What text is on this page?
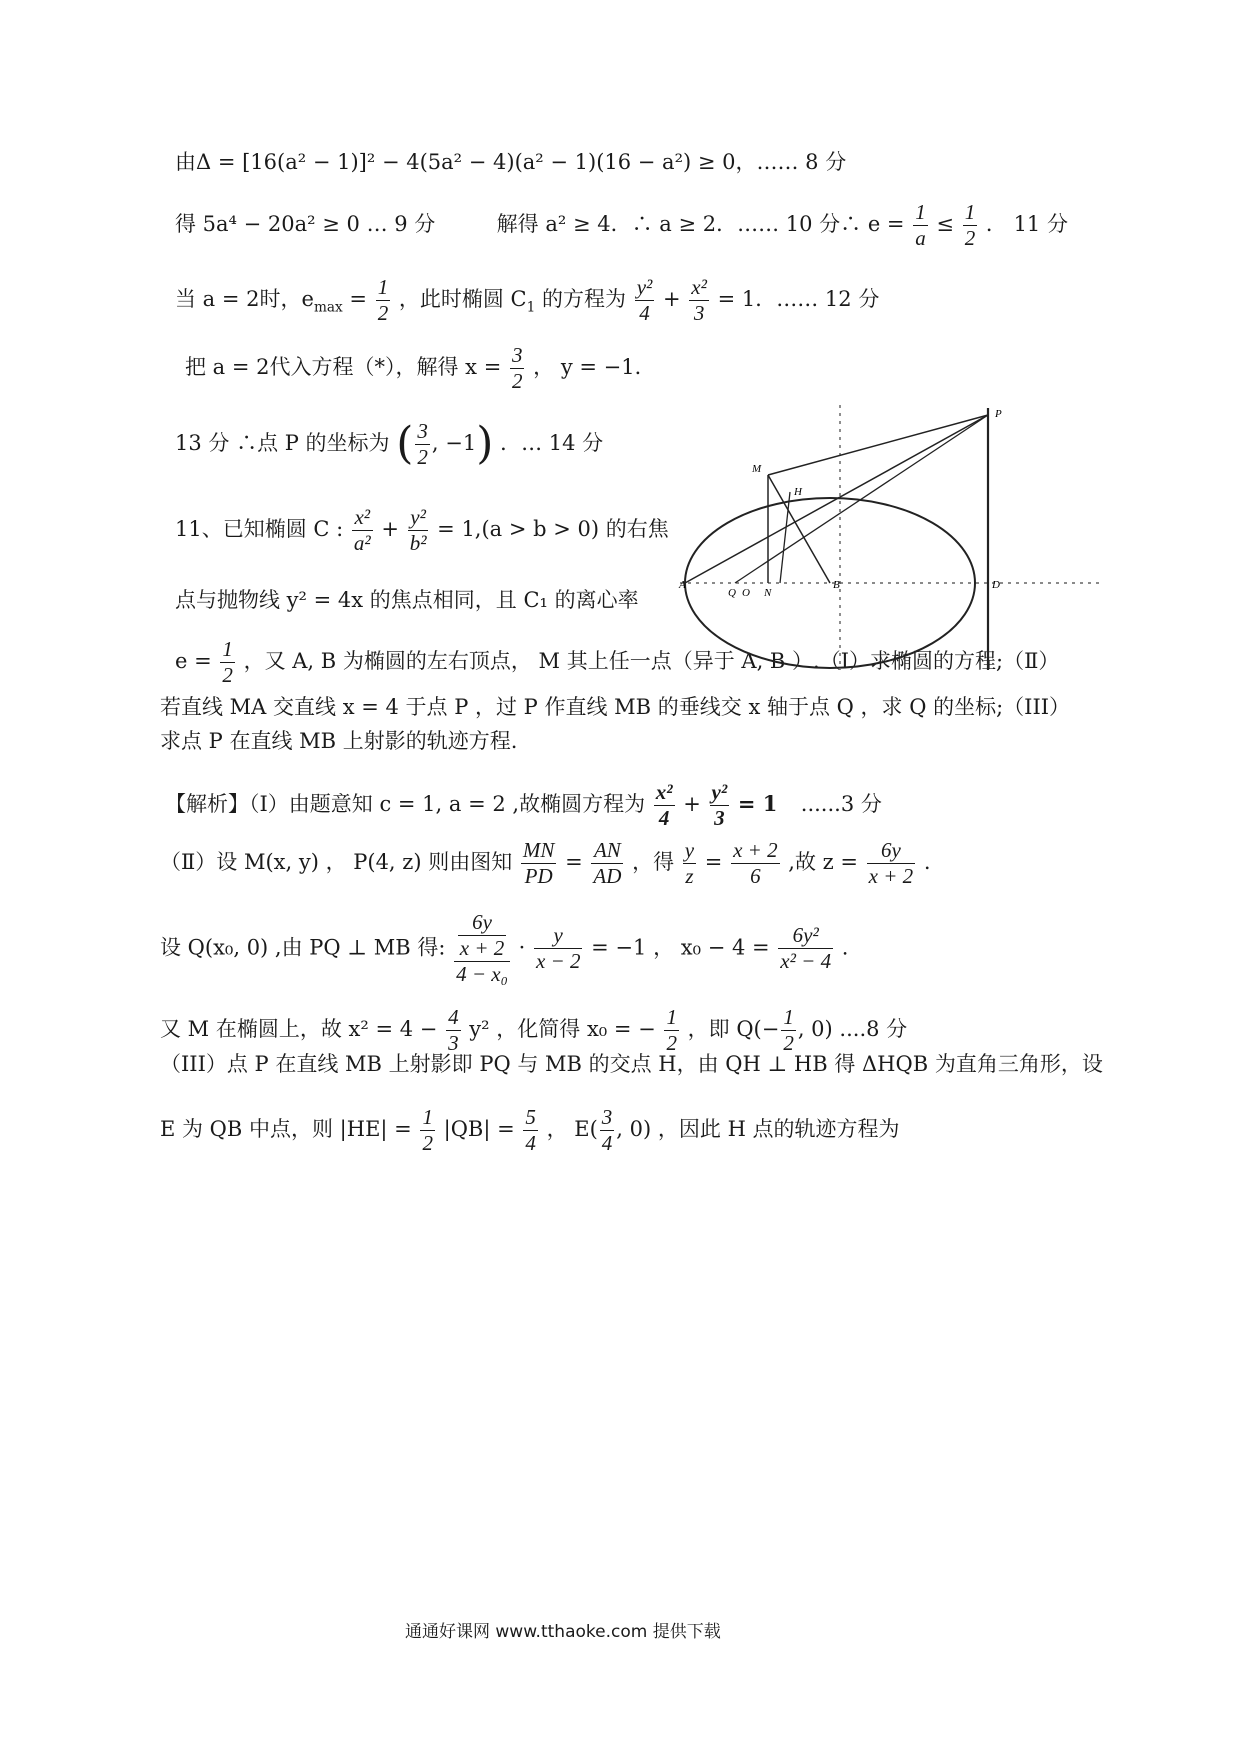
由Δ = [16(a² − 1)]² − 4(5a² − 4)(a² − 1)(16 − a²) ≥ 0，…… 8 分
得 5a⁴ − 20a² ≥ 0 … 9 分	解得 a² ≥ 4．∴ a ≥ 2．…… 10 分∴ $e = \frac{1}{a} \le \frac{1}{2}$ ． 11 分
当 a = 2时，$e_{max} = \frac{1}{2}$ ，此时椭圆 $C_1$ 的方程为 $\frac{\text{y²}}{4} + \frac{\text{x²}}{3} = 1$．…… 12 分
把 a = 2代入方程（*），解得 $x = \frac{3}{2}$ ， y = −1．
13 分 ∴点 P 的坐标为 ( $\frac{3}{2}$ , −1) ．… 14 分
11、已知椭圆 C : $\frac{\text{x²}}{\text{a²}} + \frac{\text{y²}}{\text{b²}} = 1,(a > b > 0)$ 的右焦
点与抛物线 y² = 4x 的焦点相同，且 C₁ 的离心率
$e = \frac{1}{2}$ ，又 A, B 为椭圆的左右顶点， M 其上任一点（异于 A, B ）.（Ⅰ）求椭圆的方程;（Ⅱ）
若直线 MA 交直线 x = 4 于点 P ，过 P 作直线 MB 的垂线交 x 轴于点 Q ，求 Q 的坐标;（III）
求点 P 在直线 MB 上射影的轨迹方程.
【解析】（Ⅰ）由题意知 c = 1, a = 2 ,故椭圆方程为 $\frac{\text{x²}}{4} + \frac{\text{y²}}{3} = 1$ ......3 分
（Ⅱ）设 M(x, y) ， P(4, z) 则由图知 $\frac{MN}{PD} = \frac{AN}{AD}$ ，得 $\frac{y}{z} = \frac{x + 2}{6}$ ,故 $z = \frac{6y}{x + 2}$ .
设 Q(x₀, 0) ,由 PQ ⊥ MB 得: $\frac{\frac{6y}{x + 2}}{\text{4 − x₀}} \cdot \frac{y}{x - 2} = -1$ ， $x_0 - 4 = \frac{\text{6y²}}{\text{x² − 4}}$ .
又 M 在椭圆上，故 $x^2 = 4 - \frac{4}{3} y^2$ ，化简得 x₀ = − $\frac{1}{2}$ ，即 $Q(- \frac{1}{2}$ , 0) ....8 分
（III）点 P 在直线 MB 上射影即 PQ 与 MB 的交点 H，由 QH ⊥ HB 得 ΔHQB 为直角三角形，设
E 为 QB 中点，则 $|HE| = \frac{1}{2} |QB| = \frac{5}{4}$ ， $E( \frac{3}{4}$ , 0) ，因此 H 点的轨迹方程为
P
M
H
A
Q O N
B	D
通通好课网 www.tthaoke.com 提供下载
